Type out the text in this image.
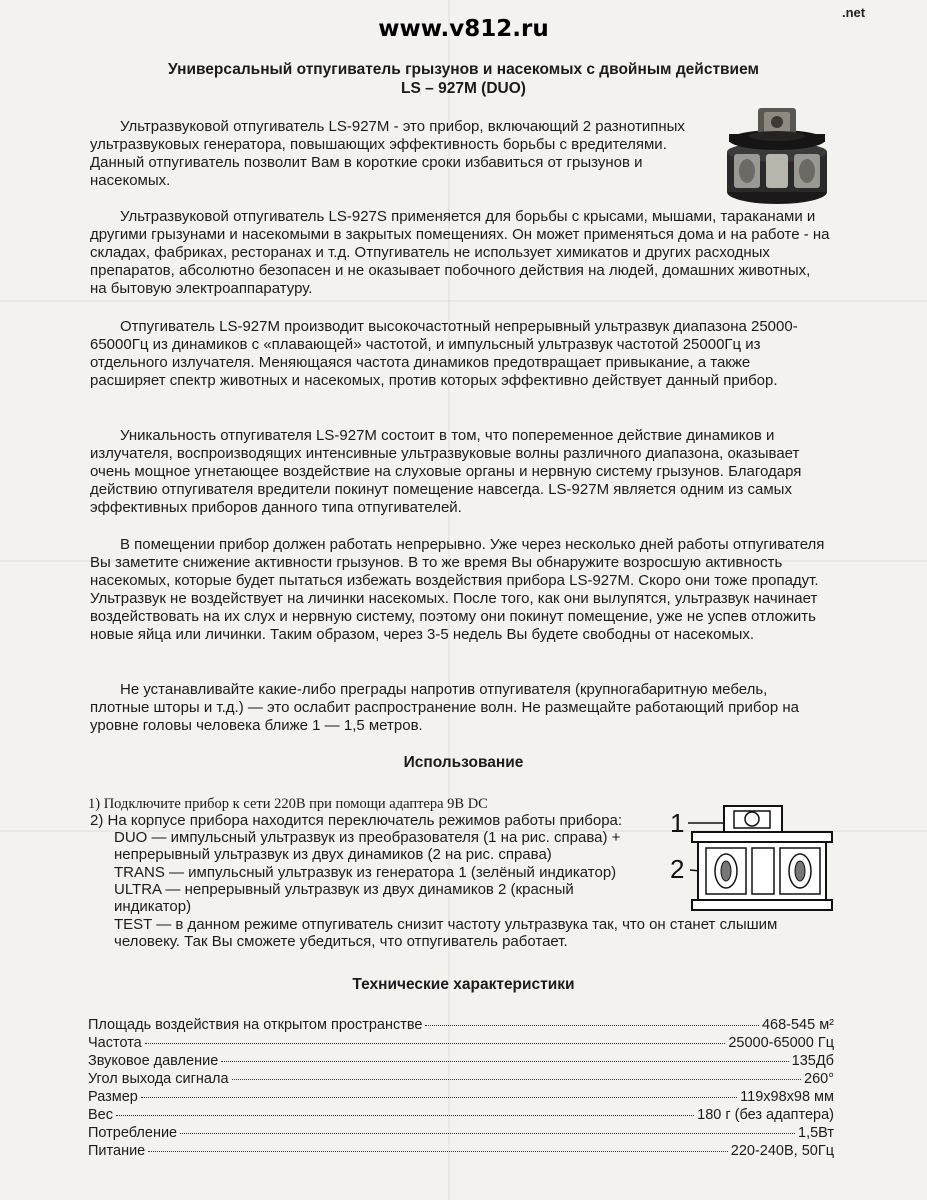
www.v812.ru
.net
Универсальный отпугиватель грызунов и насекомых с двойным действием
LS – 927M (DUO)

Ультразвуковой отпугиватель LS-927M - это прибор, включающий 2 разнотипных ультразвуковых генератора, повышающих эффективность борьбы с вредителями. Данный отпугиватель позволит Вам в короткие сроки избавиться от грызунов и насекомых.

Ультразвуковой отпугиватель LS-927S применяется для борьбы с крысами, мышами, тараканами и другими грызунами и насекомыми в закрытых помещениях. Он может применяться дома и на работе - на складах, фабриках, ресторанах и т.д. Отпугиватель не использует химикатов и других расходных препаратов, абсолютно безопасен и не оказывает побочного действия на людей, домашних животных, на бытовую электроаппаратуру.

Отпугиватель LS-927M производит высокочастотный непрерывный ультразвук диапазона 25000-65000Гц из динамиков с «плавающей» частотой, и импульсный ультразвук частотой 25000Гц из отдельного излучателя. Меняющаяся частота динамиков предотвращает привыкание, а также расширяет спектр животных и насекомых, против которых эффективно действует данный прибор.

Уникальность отпугивателя LS-927M состоит в том, что попеременное действие динамиков и излучателя, воспроизводящих интенсивные ультразвуковые волны различного диапазона, оказывает очень мощное угнетающее воздействие на слуховые органы и нервную систему грызунов. Благодаря действию отпугивателя вредители покинут помещение навсегда. LS-927M является одним из самых эффективных приборов данного типа отпугивателей.

В помещении прибор должен работать непрерывно. Уже через несколько дней работы отпугивателя Вы заметите снижение активности грызунов. В то же время Вы обнаружите возросшую активность насекомых, которые будет пытаться избежать воздействия прибора LS-927M. Скоро они тоже пропадут. Ультразвук не воздействует на личинки насекомых. После того, как они вылупятся, ультразвук начинает воздействовать на их слух и нервную систему, поэтому они покинут помещение, уже не успев отложить новые яйца или личинки. Таким образом, через 3-5 недель Вы будете свободны от насекомых.

Не устанавливайте какие-либо преграды напротив отпугивателя (крупногабаритную мебель, плотные шторы и т.д.) — это ослабит распространение волн. Не размещайте работающий прибор на уровне головы человека ближе 1 — 1,5 метров.

Использование
1) Подключите прибор к сети 220В при помощи адаптера 9В DC
2) На корпусе прибора находится переключатель режимов работы прибора:
DUO — импульсный ультразвук из преобразователя (1 на рис. справа) + непрерывный ультразвук из двух динамиков (2 на рис. справа)
TRANS — импульсный ультразвук из генератора 1 (зелёный индикатор)
ULTRA — непрерывный ультразвук из двух динамиков 2 (красный индикатор)
TEST — в данном режиме отпугиватель снизит частоту ультразвука так, что он станет слышим человеку. Так Вы сможете убедиться, что отпугиватель работает.
1
2
Технические характеристики
Площадь воздействия на открытом пространстве	468-545 м²
Частота	25000-65000 Гц
Звуковое давление	135Дб
Угол выхода сигнала	260°
Размер	119x98x98 мм
Вес	180 г (без адаптера)
Потребление	1,5Вт
Питание	220-240В, 50Гц
